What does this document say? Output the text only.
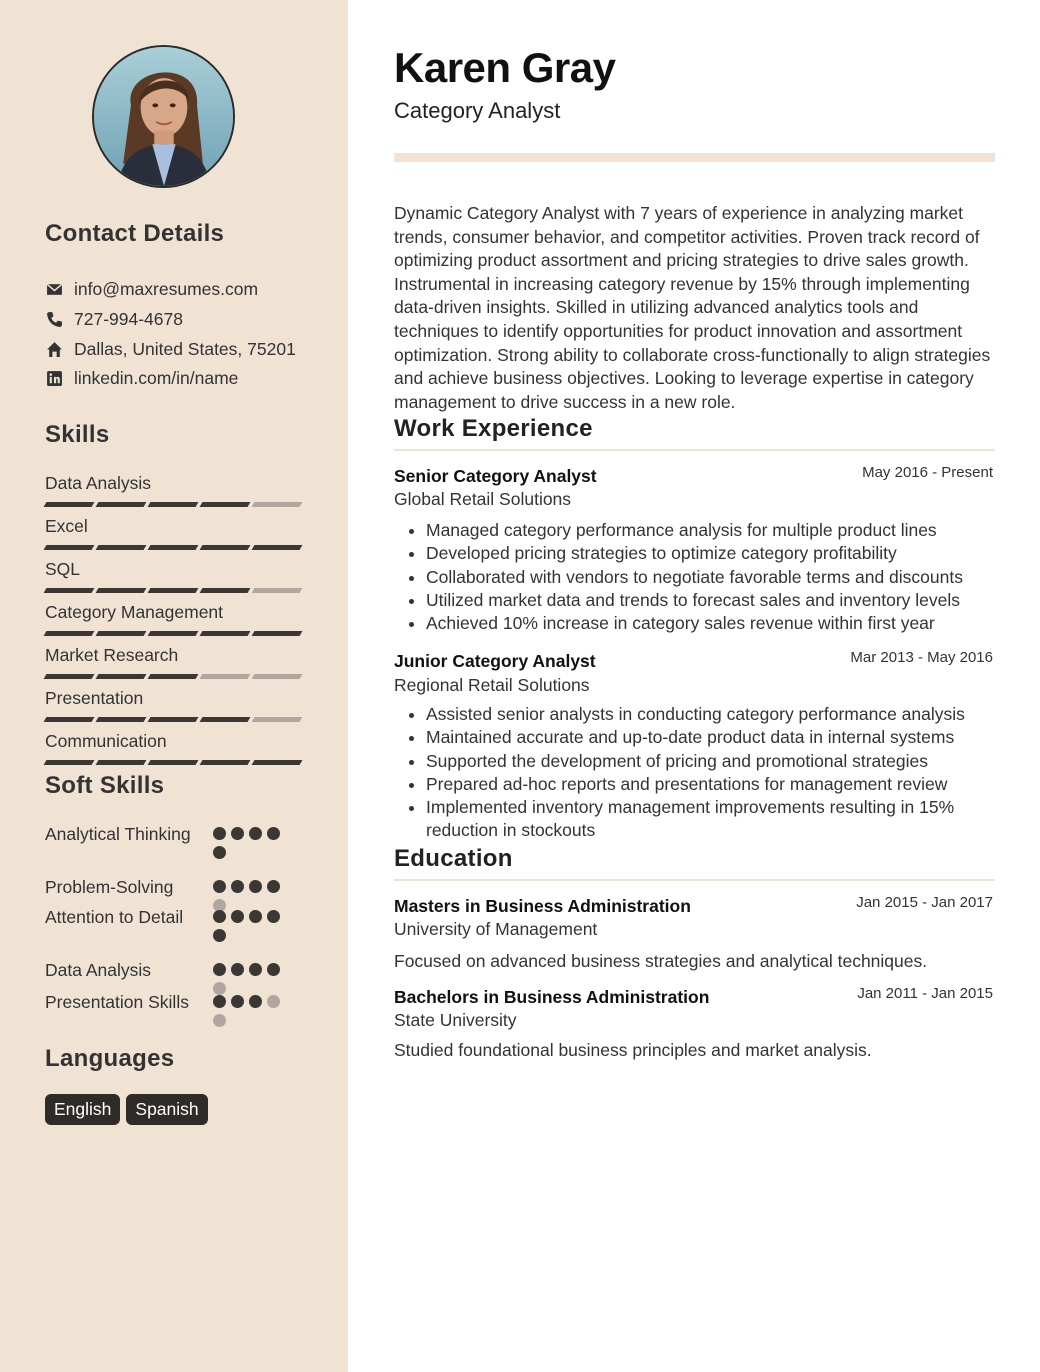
Contact Details
info@maxresumes.com
727-994-4678
Dallas, United States, 75201
linkedin.com/in/name
Skills
Data Analysis
Excel
SQL
Category Management
Market Research
Presentation
Communication
Soft Skills
Analytical Thinking
Problem-Solving
Attention to Detail
Data Analysis
Presentation Skills
Languages
English	Spanish
Karen Gray
Category Analyst
Dynamic Category Analyst with 7 years of experience in analyzing market trends, consumer behavior, and competitor activities. Proven track record of optimizing product assortment and pricing strategies to drive sales growth. Instrumental in increasing category revenue by 15% through implementing data-driven insights. Skilled in utilizing advanced analytics tools and techniques to identify opportunities for product innovation and assortment optimization. Strong ability to collaborate cross-functionally to align strategies and achieve business objectives. Looking to leverage expertise in category management to drive success in a new role.
Work Experience
Senior Category Analyst	May 2016 - Present
Global Retail Solutions
• Managed category performance analysis for multiple product lines
• Developed pricing strategies to optimize category profitability
• Collaborated with vendors to negotiate favorable terms and discounts
• Utilized market data and trends to forecast sales and inventory levels
• Achieved 10% increase in category sales revenue within first year
Junior Category Analyst	Mar 2013 - May 2016
Regional Retail Solutions
• Assisted senior analysts in conducting category performance analysis
• Maintained accurate and up-to-date product data in internal systems
• Supported the development of pricing and promotional strategies
• Prepared ad-hoc reports and presentations for management review
• Implemented inventory management improvements resulting in 15% reduction in stockouts
Education
Masters in Business Administration	Jan 2015 - Jan 2017
University of Management
Focused on advanced business strategies and analytical techniques.
Bachelors in Business Administration	Jan 2011 - Jan 2015
State University
Studied foundational business principles and market analysis.
